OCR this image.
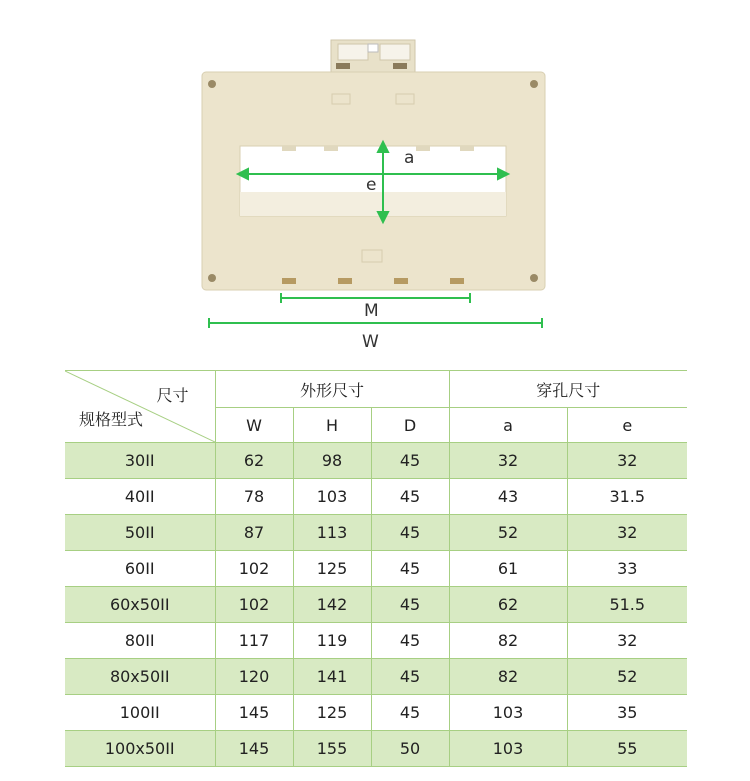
a
e
M
W
尺寸
规格型式	外形尺寸			穿孔尺寸	
	W	H	D	a	e
30II	62	98	45	32	32
40II	78	103	45	43	31.5
50II	87	113	45	52	32
60II	102	125	45	61	33
60x50II	102	142	45	62	51.5
80II	117	119	45	82	32
80x50II	120	141	45	82	52
100II	145	125	45	103	35
100x50II	145	155	50	103	55
